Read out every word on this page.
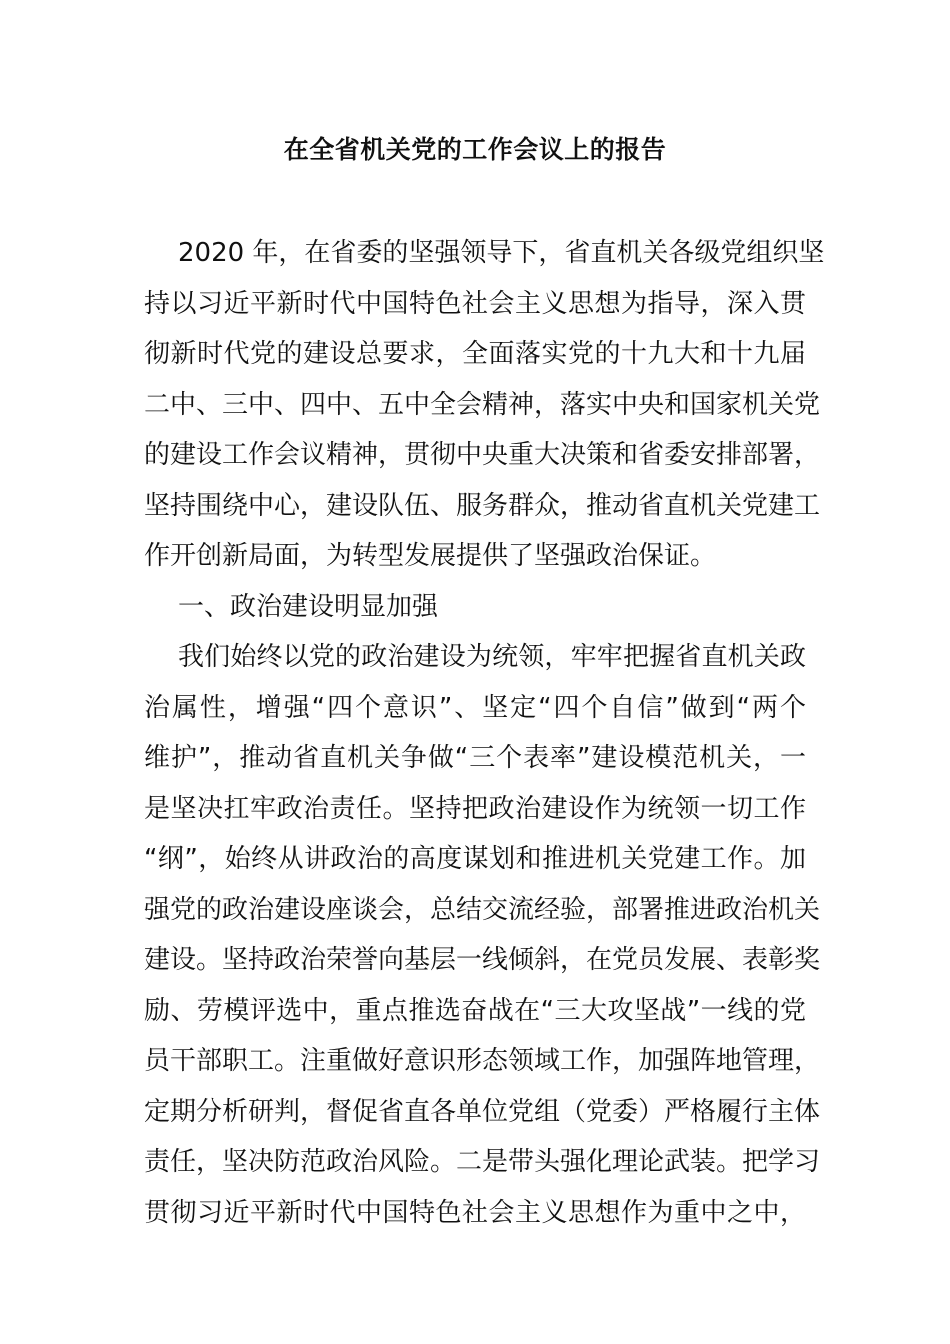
在全省机关党的工作会议上的报告
2020 年，在省委的坚强领导下，省直机关各级党组织坚
持以习近平新时代中国特色社会主义思想为指导，深入贯
彻新时代党的建设总要求，全面落实党的十九大和十九届
二中、三中、四中、五中全会精神，落实中央和国家机关党
的建设工作会议精神，贯彻中央重大决策和省委安排部署，
坚持围绕中心，建设队伍、服务群众，推动省直机关党建工
作开创新局面，为转型发展提供了坚强政治保证。
一、政治建设明显加强
我们始终以党的政治建设为统领，牢牢把握省直机关政
治属性，增强“四个意识”、坚定“四个自信”做到“两个
维护”，推动省直机关争做“三个表率”建设模范机关，一
是坚决扛牢政治责任。坚持把政治建设作为统领一切工作
“纲”，始终从讲政治的高度谋划和推进机关党建工作。加
强党的政治建设座谈会，总结交流经验，部署推进政治机关
建设。坚持政治荣誉向基层一线倾斜，在党员发展、表彰奖
励、劳模评选中，重点推选奋战在“三大攻坚战”一线的党
员干部职工。注重做好意识形态领域工作，加强阵地管理，
定期分析研判，督促省直各单位党组（党委）严格履行主体
责任，坚决防范政治风险。二是带头强化理论武装。把学习
贯彻习近平新时代中国特色社会主义思想作为重中之中，
